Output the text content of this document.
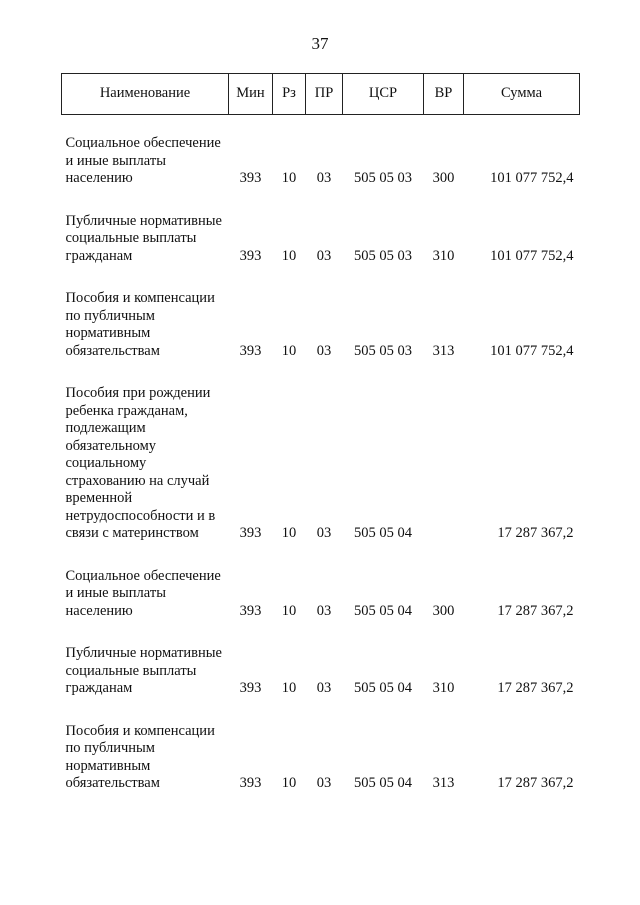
37
Наименование	Мин	Рз	ПР	ЦСР	ВР	Сумма

Социальное обеспечение и иные выплаты населению	393	10	03	505 05 03	300	101 077 752,4

Публичные нормативные социальные выплаты гражданам	393	10	03	505 05 03	310	101 077 752,4

Пособия и компенсации по публичным нормативным обязательствам	393	10	03	505 05 03	313	101 077 752,4

Пособия при рождении ребенка гражданам, подлежащим обязательному социальному страхованию на случай временной нетрудоспособности и в связи с материнством	393	10	03	505 05 04		17 287 367,2

Социальное обеспечение и иные выплаты населению	393	10	03	505 05 04	300	17 287 367,2

Публичные нормативные социальные выплаты гражданам	393	10	03	505 05 04	310	17 287 367,2

Пособия и компенсации по публичным нормативным обязательствам	393	10	03	505 05 04	313	17 287 367,2
